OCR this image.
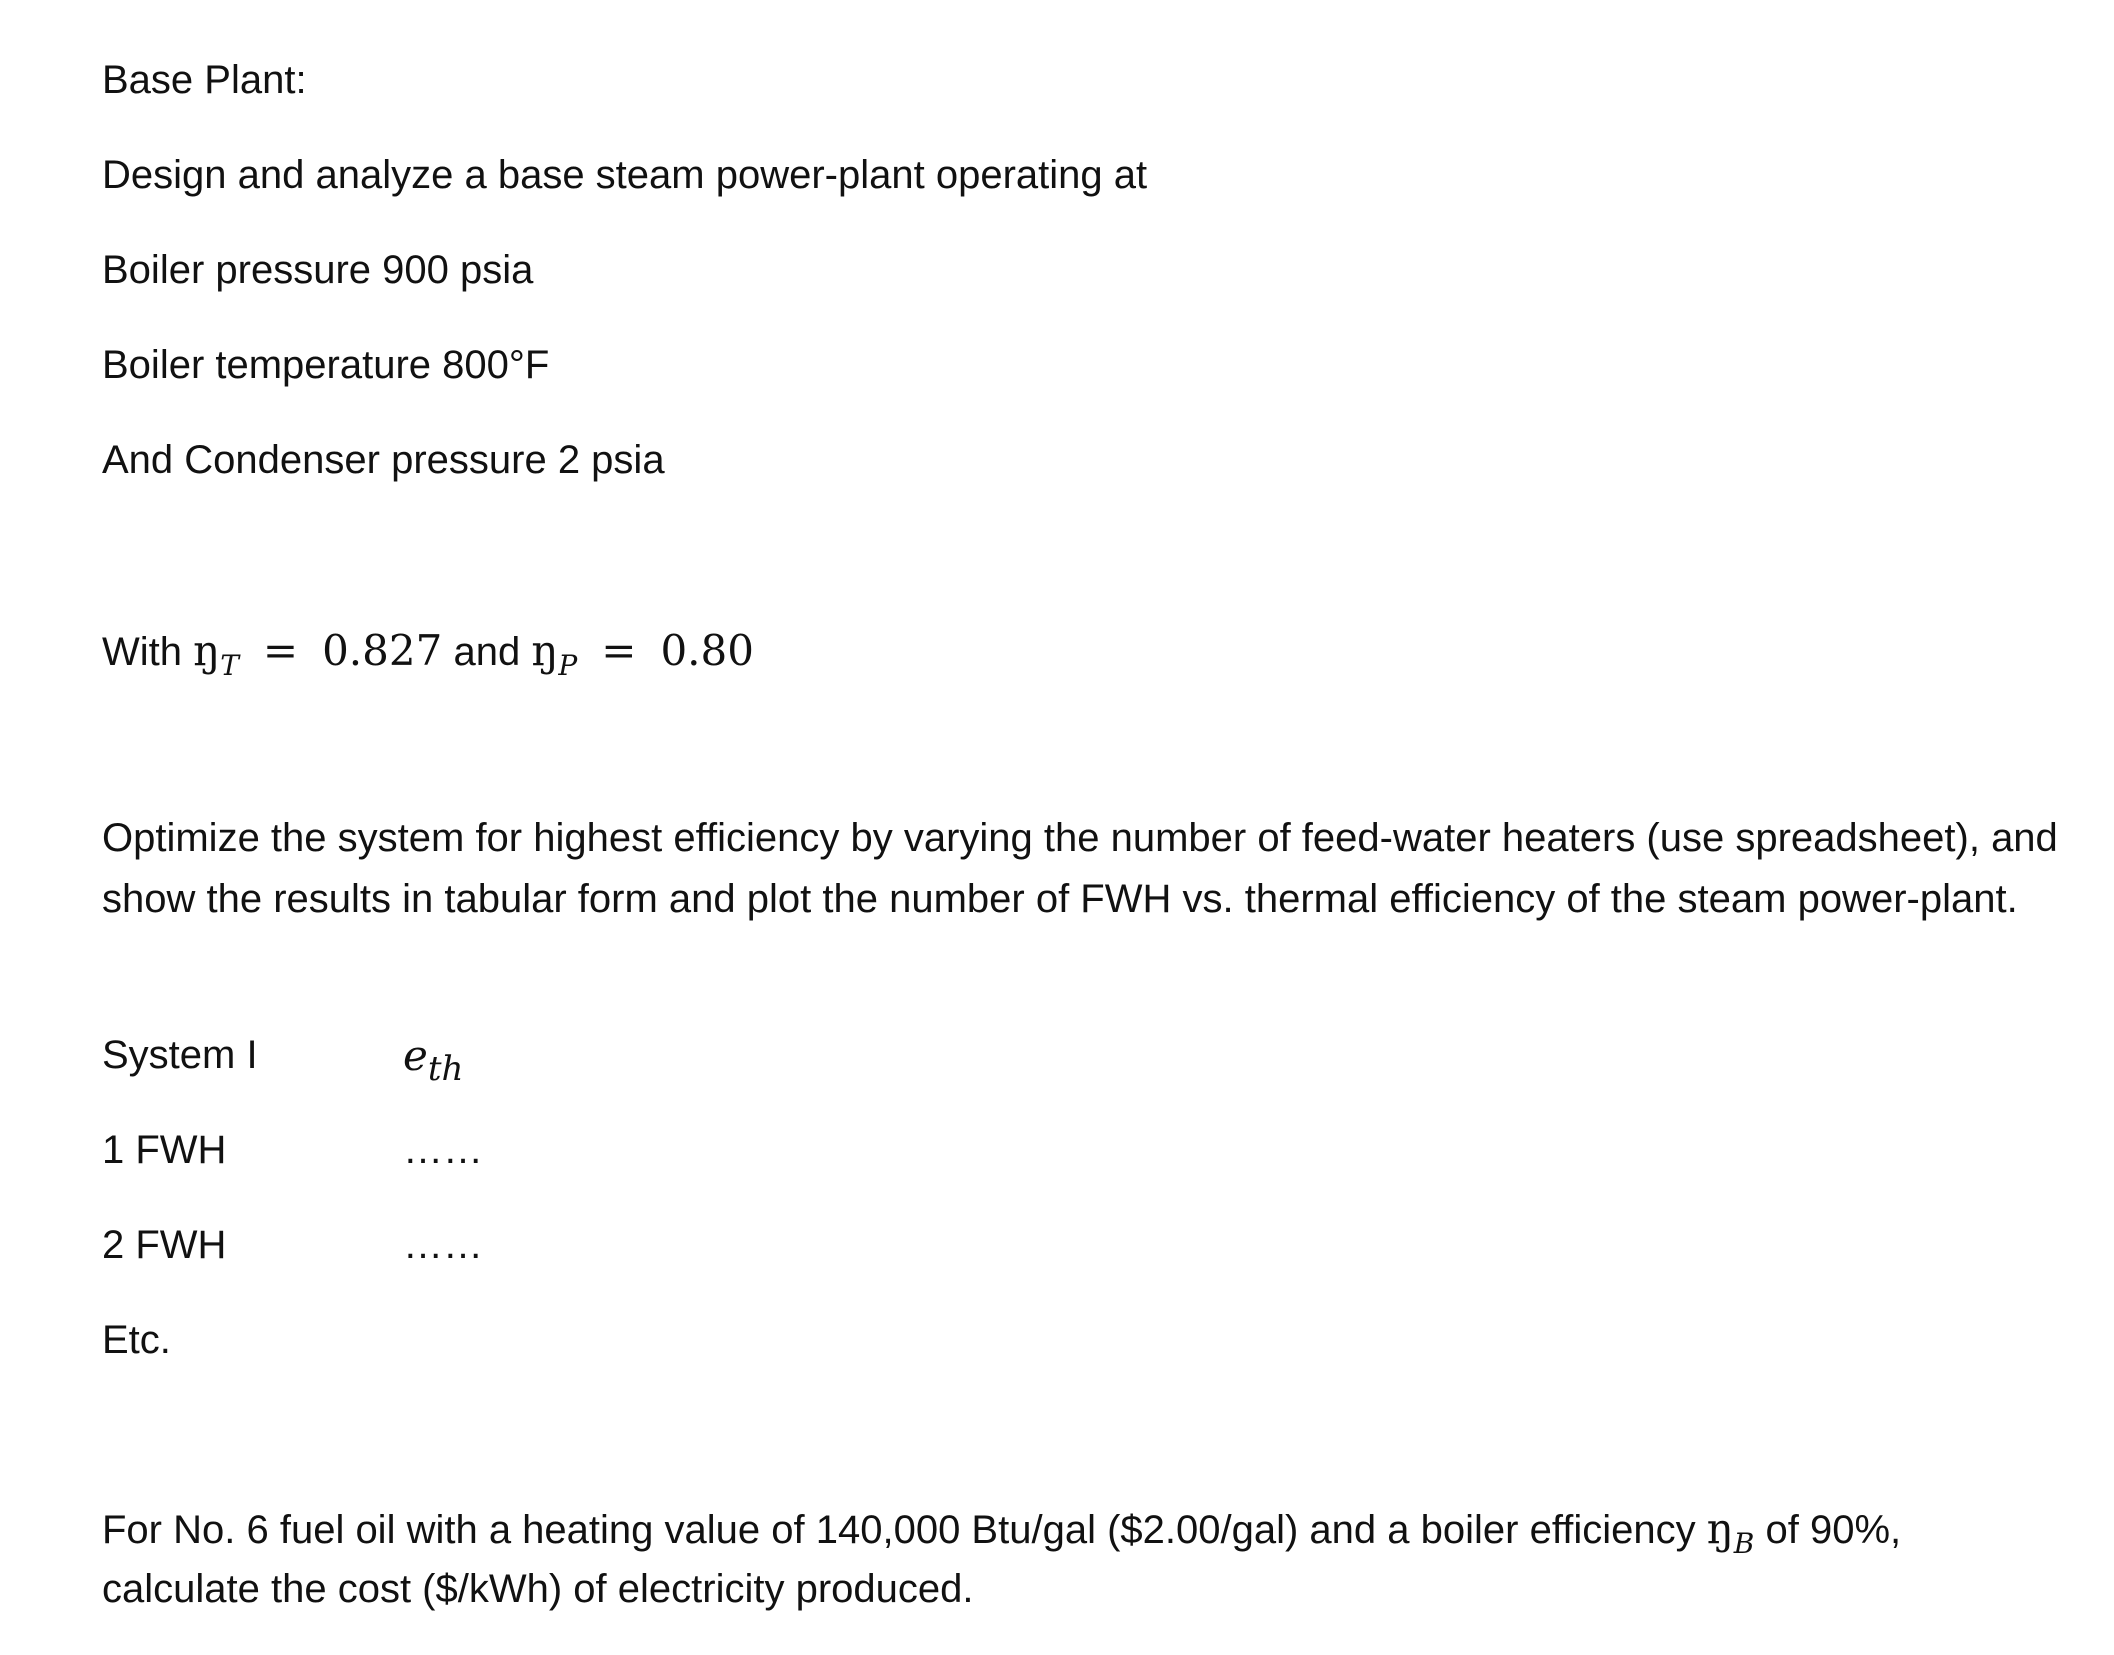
Base Plant:
Design and analyze a base steam power-plant operating at
Boiler pressure 900 psia
Boiler temperature 800°F
And Condenser pressure 2 psia
With $ŋ_T = 0.827$ and $ŋ_P = 0.80$
Optimize the system for highest efficiency by varying the number of feed-water heaters (use spreadsheet), and show the results in tabular form and plot the number of FWH vs. thermal efficiency of the steam power-plant.
System I	$e_{th}$
1 FWH	……
2 FWH	……
Etc.
For No. 6 fuel oil with a heating value of 140,000 Btu/gal ($2.00/gal) and a boiler efficiency $ŋ_B$ of 90%,
calculate the cost ($/kWh) of electricity produced.
